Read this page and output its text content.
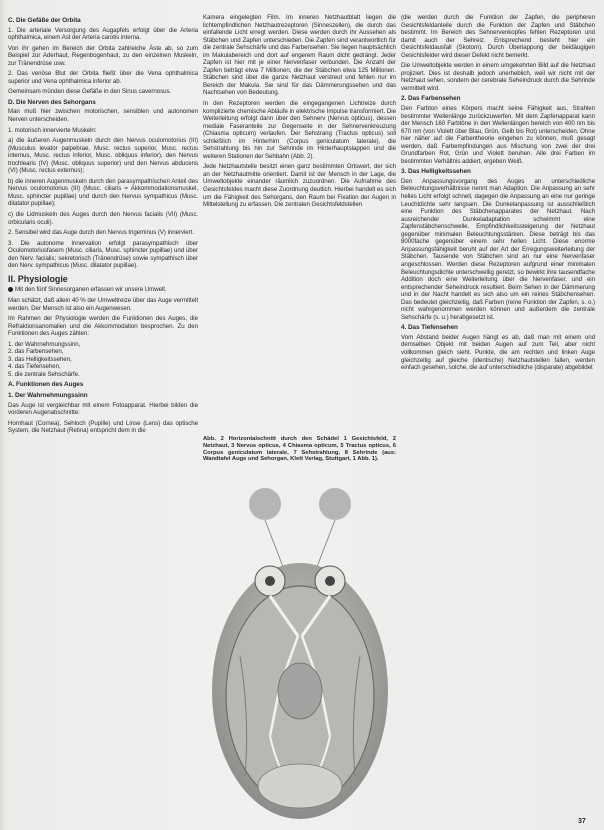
C. Die Gefäße der Orbita

1. Die arteriale Versorgung des Augapfels erfolgt über die Arteria ophthalmica, einem Ast der Arteria carotis interna.

Von ihr gehen im Bereich der Orbita zahlreiche Äste ab, so zum Beispiel zur Aderhaut, Regenbogenhaut, zu den einzelnen Muskeln, zur Tränendrüse usw.

2. Das venöse Blut der Orbita fließt über die Vena ophthalmica superior und Vena ophthalmica inferior ab.

Gemeinsam münden diese Gefäße in den Sinus cavernosus.

D. Die Nerven des Sehorgans

Man muß hier zwischen motorischen, sensiblen und autonomen Nerven unterscheiden.

1. motorisch innervierte Muskeln:

a) die äußeren Augenmuskeln durch den Nervus oculomotorius (III) (Musculus levator palpebrae, Musc. rectus superior, Musc. rectus internus, Musc. rectus inferior, Musc. obliquus inferior), den Nervus trochlearis (IV) (Musc. obliquus superior) und den Nervus abducens (VI) (Musc. rectus externus);

b) die inneren Augenmuskeln durch den parasympathischen Anteil des Nervus oculomotorius (III) (Musc. ciliaris = Akkommodationsmuskel, Musc. sphincter pupillae) und durch den Nervus sympathicus (Musc. dilatator pupillae);

c) die Lidmuskeln des Auges durch den Nervus facialis (VII) (Musc. orbicularis oculi).

2. Sensibel wird das Auge durch den Nervus trigeminus (V) innerviert.

3. Die autonome Innervation erfolgt parasympathisch über Oculomotoriusfasern (Musc. ciliaris, Musc. sphincter pupillae) und über den Nerv. facialis; sekretorisch (Tränendrüse) sowie sympathisch über den Nerv. sympathicus (Musc. dilatator pupillae).

II. Physiologie

Mit den fünf Sinnesorganen erfassen wir unsere Umwelt.

Man schätzt, daß allein 40 % der Umweltreize über das Auge vermittelt werden. Der Mensch ist also ein Augenwesen.

Im Rahmen der Physiologie werden die Funktionen des Auges, die Refraktionsanomalien und die Akkommodation besprochen. Zu den Funktionen des Auges zählen:

1. der Wahrnehmungssinn,
2. das Farbensehen,
3. das Helligkeitssehen,
4. das Tiefensehen,
5. die zentrale Sehschärfe.
A. Funktionen des Auges
1. Der Wahrnehmungssinn

Das Auge ist vergleichbar mit einem Fotoapparat. Hierbei bilden die vorderen Augenabschnitte:

Hornhaut (Cornea), Sehloch (Pupille) und Linse (Lens) das optische System, die Netzhaut (Retina) entspricht dem in die

Kamera eingelegten Film. Im inneren Netzhautblatt liegen die lichtempfindlichen Netzhautrezeptoren (Sinneszellen), die durch das einfallende Licht erregt werden. Diese werden durch ihr Aussehen als Stäbchen und Zapfen unterschieden. Die Zapfen sind verantwortlich für die zentrale Sehschärfe und das Farbensehen. Sie liegen hauptsächlich im Makulabereich und dort auf engerem Raum dicht gedrängt. Jeder Zapfen ist hier mit je einer Nervenfaser verbunden. Die Anzahl der Zapfen beträgt etwa 7 Millionen, die der Stäbchen etwa 125 Millionen. Stäbchen sind über die ganze Netzhaut verstreut und fehlen nur im Bereich der Makula. Sie sind für das Dämmerungssehen und das Nachtsehen von Bedeutung.

In den Rezeptoren werden die eingegangenen Lichtreize durch komplizierte chemische Abläufe in elektrische Impulse transformiert. Die Weiterleitung erfolgt dann über den Sehnerv (Nervus opticus), dessen mediale Faseranteile zur Gegenseite in der Sehnervenkreuzung (Chiasma opticum) verlaufen. Der Sehstrang (Tractus opticus) soll schließlich im Hinterhirn (Corpus geniculatum laterale), die Sehstrahlung bis hin zur Sehrinde im Hinterhauptslappen und die weiteren Stationen der Sehbahn (Abb. 2).

Jede Netzhautstelle besitzt einen ganz bestimmten Ortswert, der sich an der Netzhautmitte orientiert. Damit ist der Mensch in der Lage, die Umweltobjekte einander räumlich zuzuordnen. Die Aufnahme des Gesichtsfeldes macht diese Zuordnung deutlich. Hierbei handelt es sich um die Fähigkeit des Sehorgans, den Raum bei Fixation der Augen in Mittelstellung zu erfassen. Die zentralen Gesichtsfeldstellen

Abb. 2 Horizontalschnitt durch den Schädel 1 Gesichtsfeld, 2 Netzhaut, 3 Nervus opticus, 4 Chiasma opticum, 5 Tractus opticus, 6 Corpus geniculatum laterale, 7 Sehstrahlung, 8 Sehrinde (aus: Wandtafel Auge und Sehorgan, Klett Verlag, Stuttgart, 1 Abb. 1).

(die werden durch die Funktion der Zapfen, die peripheren Gesichtsfeldanteile durch die Funktion der Zapfen und Stäbchen bestimmt. Im Bereich des Sehnervenkopfes fehlen Rezeptoren und damit auch der Sehreiz. Entsprechend besteht hier ein Gesichtsfeldausfall (Skotom). Durch Überlappung der beidäugigen Gesichtsfelder wird dieser Defekt nicht bemerkt.

Die Umweltobjekte werden in einem umgekehrten Bild auf die Netzhaut projiziert. Dies ist deshalb jedoch unerheblich, weil wir nicht mit der Netzhaut sehen, sondern der cerebrale Seheindruck durch die Sehrinde vermittelt wird.

2. Das Farbensehen

Den Farbton eines Körpers macht seine Fähigkeit aus, Strahlen bestimmter Wellenlänge zurückzuwerfen. Mit dem Zapfenapparat kann der Mensch 160 Farbtöne in den Wellenlängen bereich von 400 nm bis 670 nm (von Violett über Blau, Grün, Gelb bis Rot) unterscheiden. Ohne hier näher auf die Farbentheorie eingehen zu können, muß gesagt werden, daß Farbempfindungen aus Mischung von zwei der drei Grundfarben Rot, Grün und Violett beruhen. Alle drei Farben im bestimmten Verhältnis addiert, ergeben Weiß.

3. Das Helligkeitssehen

Den Anpassungsvorgang des Auges an unterschiedliche Beleuchtungsverhältnisse nennt man Adaption. Die Anpassung an sehr helles Licht erfolgt schnell, dagegen die Anpassung an eine nur geringe Leuchtdichte sehr langsam. Die Dunkelanpassung ist ausschließlich eine Funktion des Stäbchenapparates der Netzhaut. Nach ausreichender Dunkeladaptation schwimmt eine Zapfenstäbchenschwelle. Empfindlichkeitssteigerung der Netzhaut gegenüber minimalen Beleuchtungsstärken. Diese beträgt bis das 8000fache gegenüber einem sehr hellen Licht. Diese enorme Anpassungsfähigkeit beruht auf der Art der Erregungsweiterleitung der Stäbchen. Tausende von Stäbchen sind an nur eine Nervenfaser angeschlossen. Werden diese Rezeptoren aufgrund einer minimalen Beleuchtungsdichte unterschwellig gereizt, so bewirkt ihre tausendfache Addition doch eine Weiterleitung über die Nervenfaser, und ein entsprechender Seheindruck resultiert. Beim Sehen in der Dämmerung und in der Nacht handelt es sich also um ein reines Stäbchensehen. Das bedeutet gleichzeitig, daß Farben (reine Funktion der Zapfen, s. o.) nicht wahrgenommen werden können und außerdem die zentrale Sehschärfe (s. u.) herabgesetzt ist.

4. Das Tiefensehen

Vom Abstand beider Augen hängt es ab, daß man mit einem und demselben Objekt mit beiden Augen auf zum Teil, aber nicht vollkommen gleich sieht. Punkte, die am rechten und linken Auge gleichzeitig auf gleiche (identische) Netzhautstellen fallen, werden einfach gesehen, solche, die auf unterschiedliche (disparate) abgebildet

37
